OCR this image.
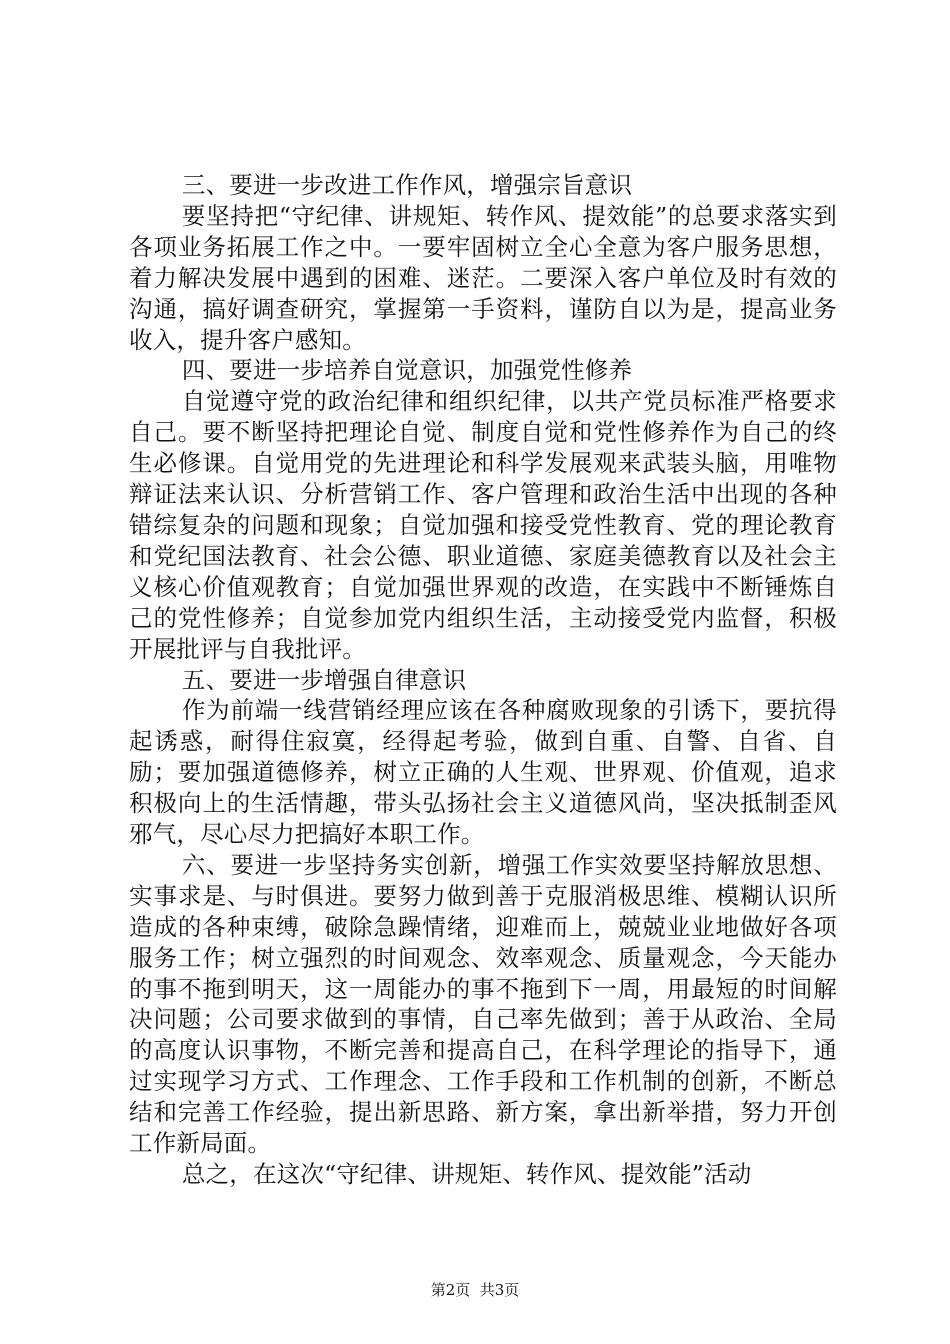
三、要进一步改进工作作风，增强宗旨意识

要坚持把“守纪律、讲规矩、转作风、提效能”的总要求落实到各项业务拓展工作之中。一要牢固树立全心全意为客户服务思想，着力解决发展中遇到的困难、迷茫。二要深入客户单位及时有效的沟通，搞好调查研究，掌握第一手资料，谨防自以为是，提高业务收入，提升客户感知。

四、要进一步培养自觉意识，加强党性修养

自觉遵守党的政治纪律和组织纪律，以共产党员标准严格要求自己。要不断坚持把理论自觉、制度自觉和党性修养作为自己的终生必修课。自觉用党的先进理论和科学发展观来武装头脑，用唯物辩证法来认识、分析营销工作、客户管理和政治生活中出现的各种错综复杂的问题和现象；自觉加强和接受党性教育、党的理论教育和党纪国法教育、社会公德、职业道德、家庭美德教育以及社会主义核心价值观教育；自觉加强世界观的改造，在实践中不断锤炼自己的党性修养；自觉参加党内组织生活，主动接受党内监督，积极开展批评与自我批评。

五、要进一步增强自律意识

作为前端一线营销经理应该在各种腐败现象的引诱下，要抗得起诱惑，耐得住寂寞，经得起考验，做到自重、自警、自省、自励；要加强道德修养，树立正确的人生观、世界观、价值观，追求积极向上的生活情趣，带头弘扬社会主义道德风尚，坚决抵制歪风邪气，尽心尽力把搞好本职工作。

六、要进一步坚持务实创新，增强工作实效要坚持解放思想、实事求是、与时俱进。要努力做到善于克服消极思维、模糊认识所造成的各种束缚，破除急躁情绪，迎难而上，兢兢业业地做好各项服务工作；树立强烈的时间观念、效率观念、质量观念，今天能办的事不拖到明天，这一周能办的事不拖到下一周，用最短的时间解决问题；公司要求做到的事情，自己率先做到；善于从政治、全局的高度认识事物，不断完善和提高自己，在科学理论的指导下，通过实现学习方式、工作理念、工作手段和工作机制的创新，不断总结和完善工作经验，提出新思路、新方案，拿出新举措，努力开创工作新局面。

总之，在这次“守纪律、讲规矩、转作风、提效能”活动

第2页  共3页
